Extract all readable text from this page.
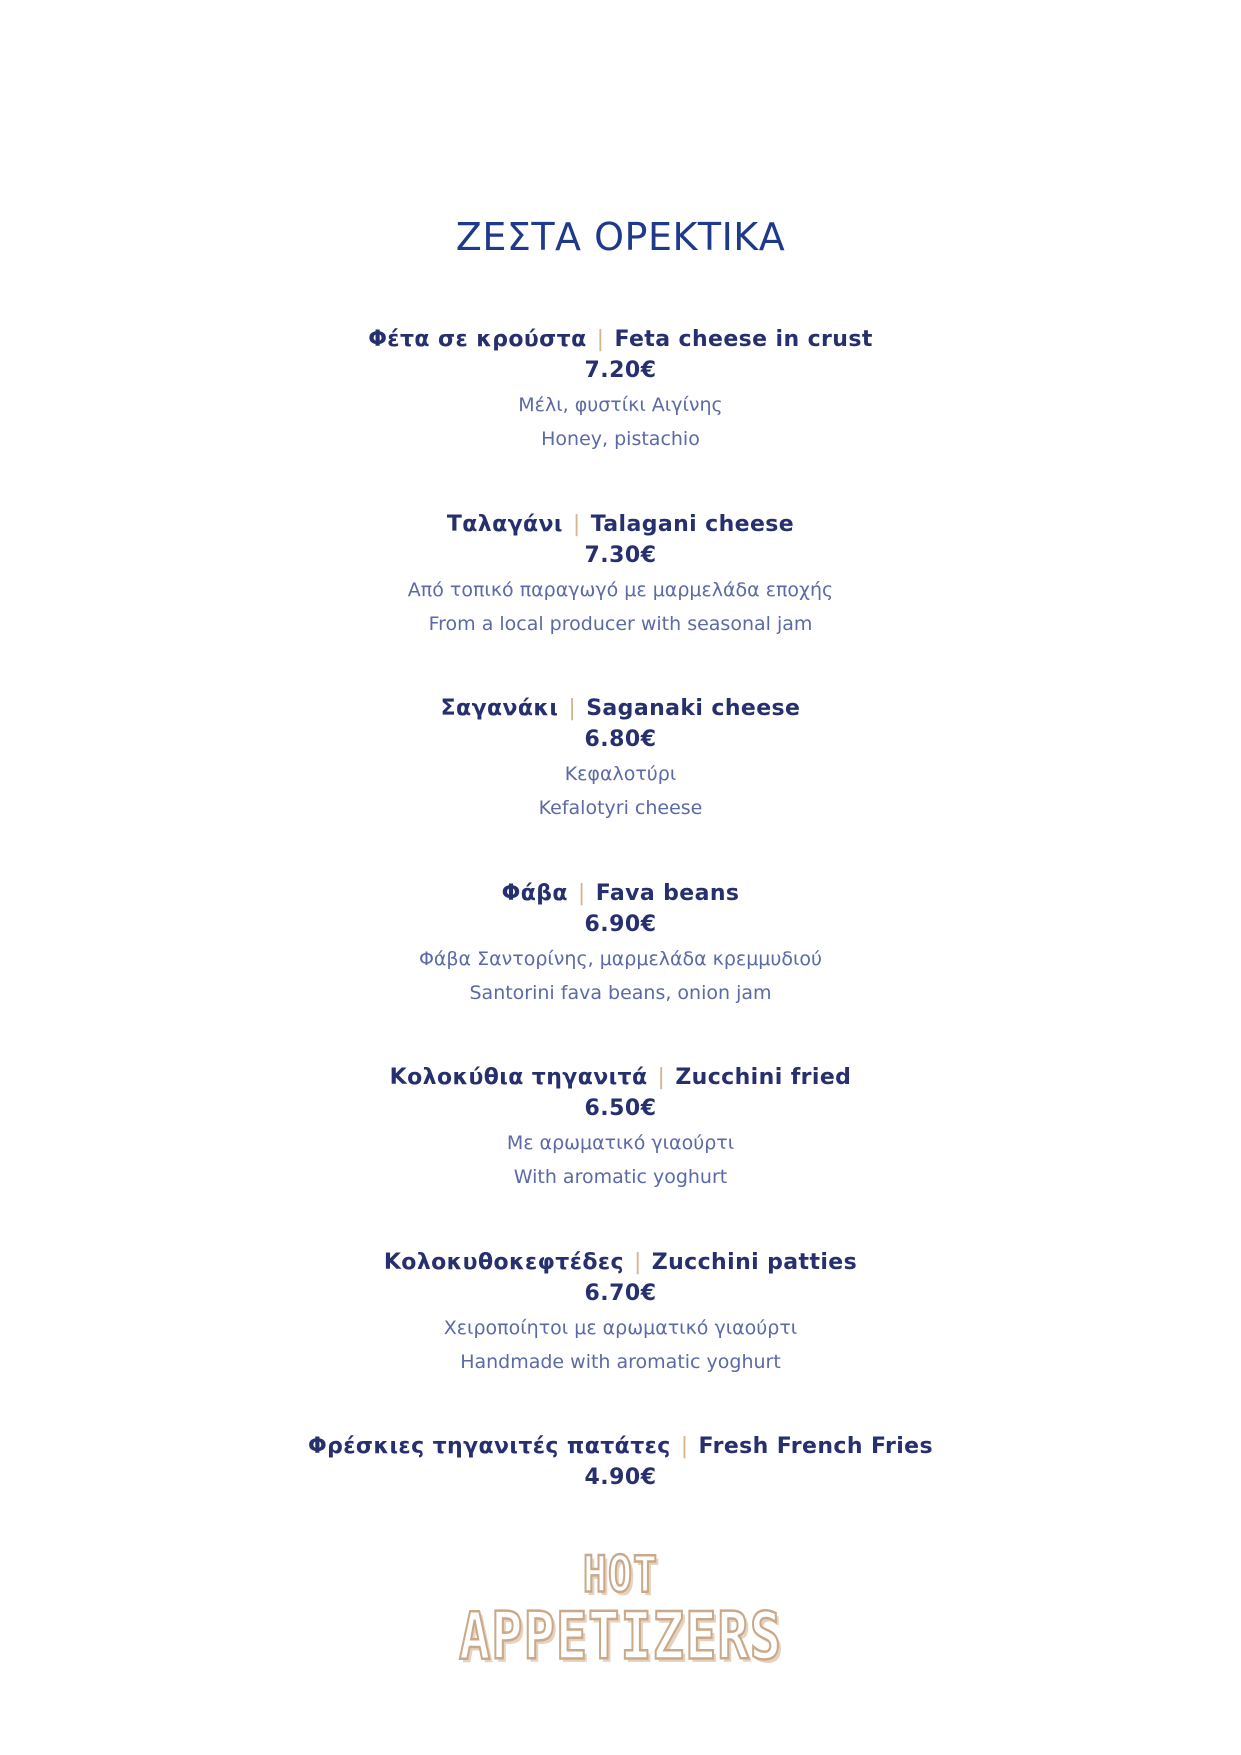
ΖΕΣΤΑ ΟΡΕΚΤΙΚΑ
Φέτα σε κρούστα | Feta cheese in crust
7.20€
Μέλι, φυστίκι Αιγίνης
Honey, pistachio
Ταλαγάνι | Talagani cheese
7.30€
Από τοπικό παραγωγό με μαρμελάδα εποχής
From a local producer with seasonal jam
Σαγανάκι | Saganaki cheese
6.80€
Κεφαλοτύρι
Kefalotyri cheese
Φάβα | Fava beans
6.90€
Φάβα Σαντορίνης, μαρμελάδα κρεμμυδιού
Santorini fava beans, onion jam
Κολοκύθια τηγανιτά | Zucchini fried
6.50€
Με αρωματικό γιαούρτι
With aromatic yoghurt
Κολοκυθοκεφτέδες | Zucchini patties
6.70€
Χειροποίητοι με αρωματικό γιαούρτι
Handmade with aromatic yoghurt
Φρέσκιες τηγανιτές πατάτες | Fresh French Fries
4.90€
HOT
APPETIZERS
